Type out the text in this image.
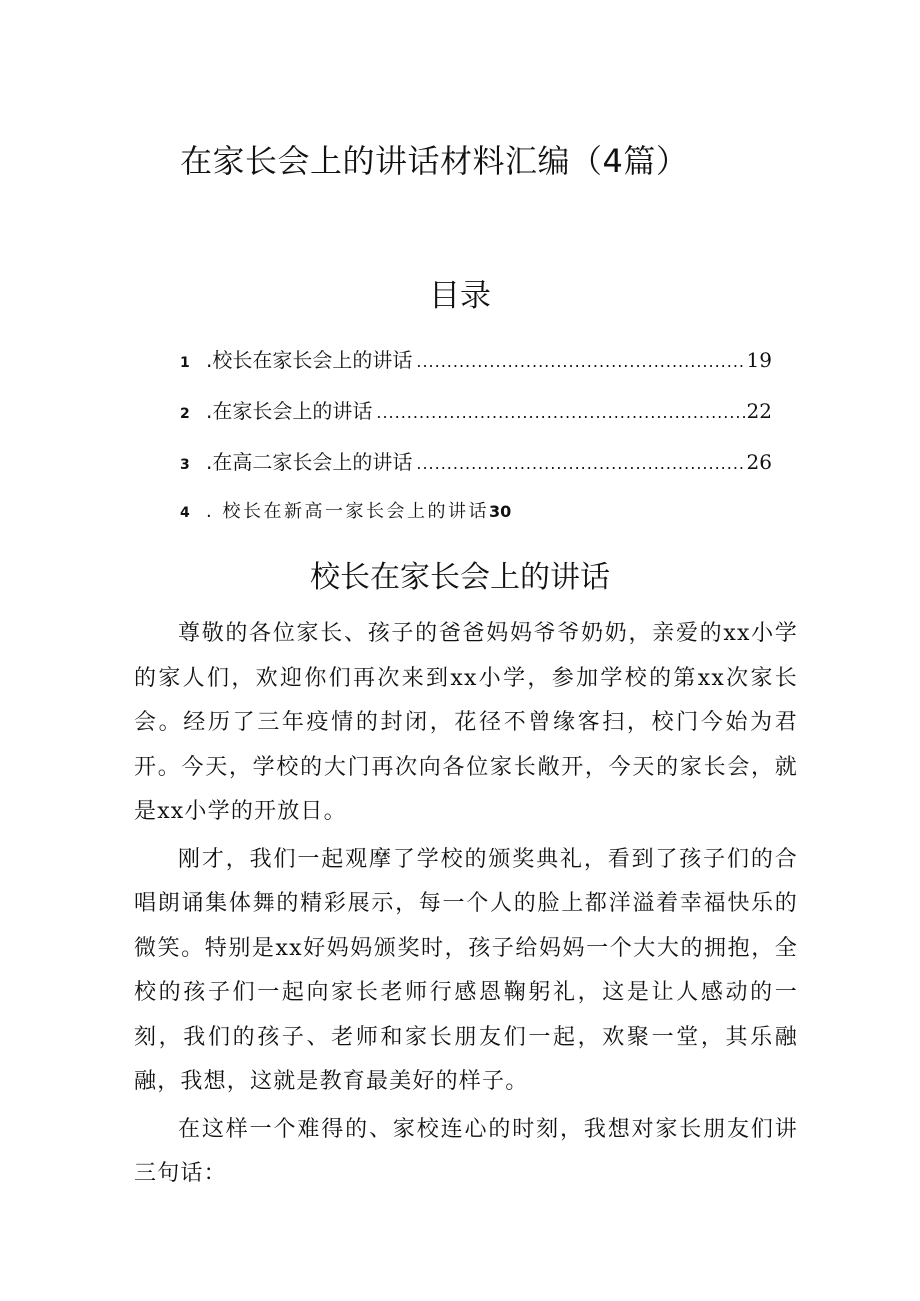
在家长会上的讲话材料汇编（4篇）
目录
1 .校长在家长会上的讲话 .....	19
2 .在家长会上的讲话 .....	22
3 .在高二家长会上的讲话 .....	26
4 . 校长在新高一家长会上的讲话30
校长在家长会上的讲话

尊敬的各位家长、孩子的爸爸妈妈爷爷奶奶，亲爱的xx小学的家人们，欢迎你们再次来到xx小学，参加学校的第xx次家长会。经历了三年疫情的封闭，花径不曾缘客扫，校门今始为君开。今天，学校的大门再次向各位家长敞开，今天的家长会，就是xx小学的开放日。

刚才，我们一起观摩了学校的颁奖典礼，看到了孩子们的合唱朗诵集体舞的精彩展示，每一个人的脸上都洋溢着幸福快乐的微笑。特别是xx好妈妈颁奖时，孩子给妈妈一个大大的拥抱，全校的孩子们一起向家长老师行感恩鞠躬礼，这是让人感动的一刻，我们的孩子、老师和家长朋友们一起，欢聚一堂，其乐融融，我想，这就是教育最美好的样子。

在这样一个难得的、家校连心的时刻，我想对家长朋友们讲三句话：
